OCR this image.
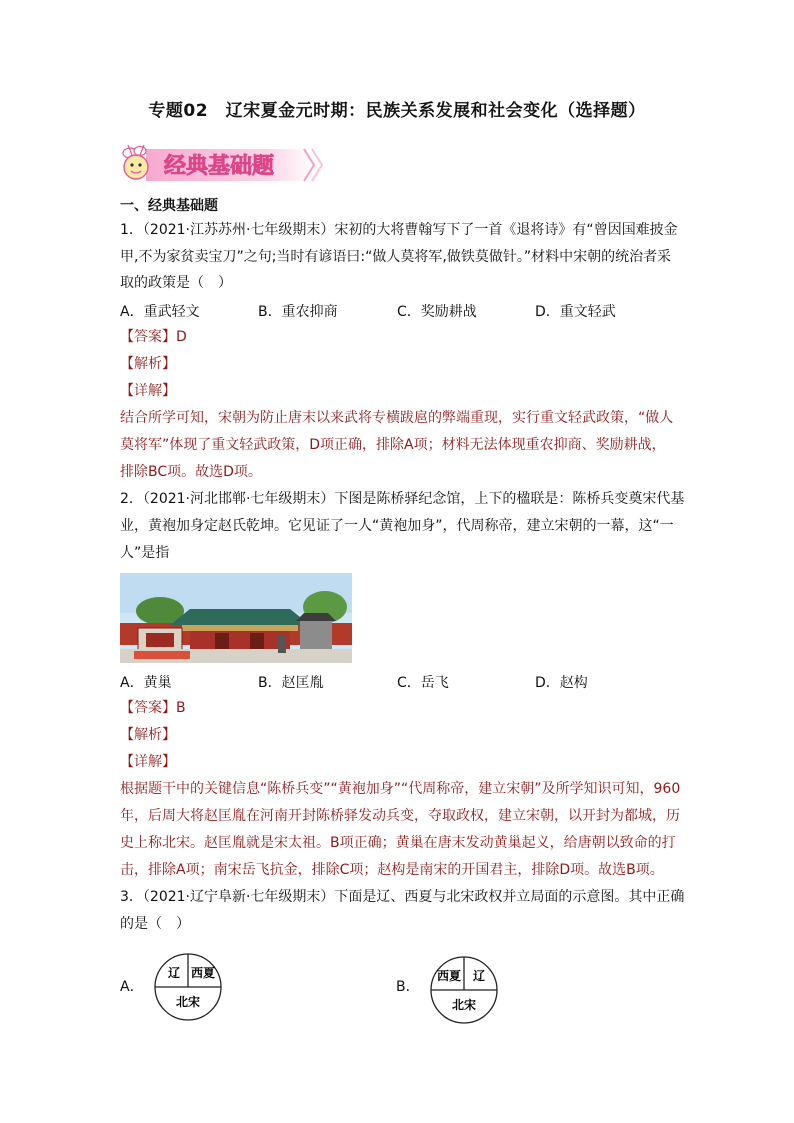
专题02　辽宋夏金元时期：民族关系发展和社会变化（选择题）
经典基础题
一、经典基础题
1．（2021·江苏苏州·七年级期末）宋初的大将曹翰写下了一首《退将诗》有“曾因国难披金
甲,不为家贫卖宝刀”之句;当时有谚语曰:“做人莫将军,做铁莫做针。”材料中宋朝的统治者采
取的政策是（　）
A．重武轻文	B．重农抑商	C．奖励耕战	D．重文轻武
【答案】D
【解析】
【详解】
结合所学可知，宋朝为防止唐末以来武将专横跋扈的弊端重现，实行重文轻武政策，“做人
莫将军”体现了重文轻武政策，D项正确，排除A项；材料无法体现重农抑商、奖励耕战，
排除BC项。故选D项。
2．（2021·河北邯郸·七年级期末）下图是陈桥驿纪念馆，上下的楹联是：陈桥兵变奠宋代基
业，黄袍加身定赵氏乾坤。它见证了一人“黄袍加身”，代周称帝，建立宋朝的一幕，这“一
人”是指
A．黄巢	B．赵匡胤	C．岳飞	D．赵构
【答案】B
【解析】
【详解】
根据题干中的关键信息“陈桥兵变”“黄袍加身”“代周称帝，建立宋朝”及所学知识可知，960
年，后周大将赵匡胤在河南开封陈桥驿发动兵变，夺取政权，建立宋朝，以开封为都城，历
史上称北宋。赵匡胤就是宋太祖。B项正确；黄巢在唐末发动黄巢起义，给唐朝以致命的打
击，排除A项；南宋岳飞抗金，排除C项；赵构是南宋的开国君主，排除D项。故选B项。
3．（2021·辽宁阜新·七年级期末）下面是辽、西夏与北宋政权并立局面的示意图。其中正确
的是（　）
A．
辽 西夏
北宋
B．
西夏 辽
北宋
